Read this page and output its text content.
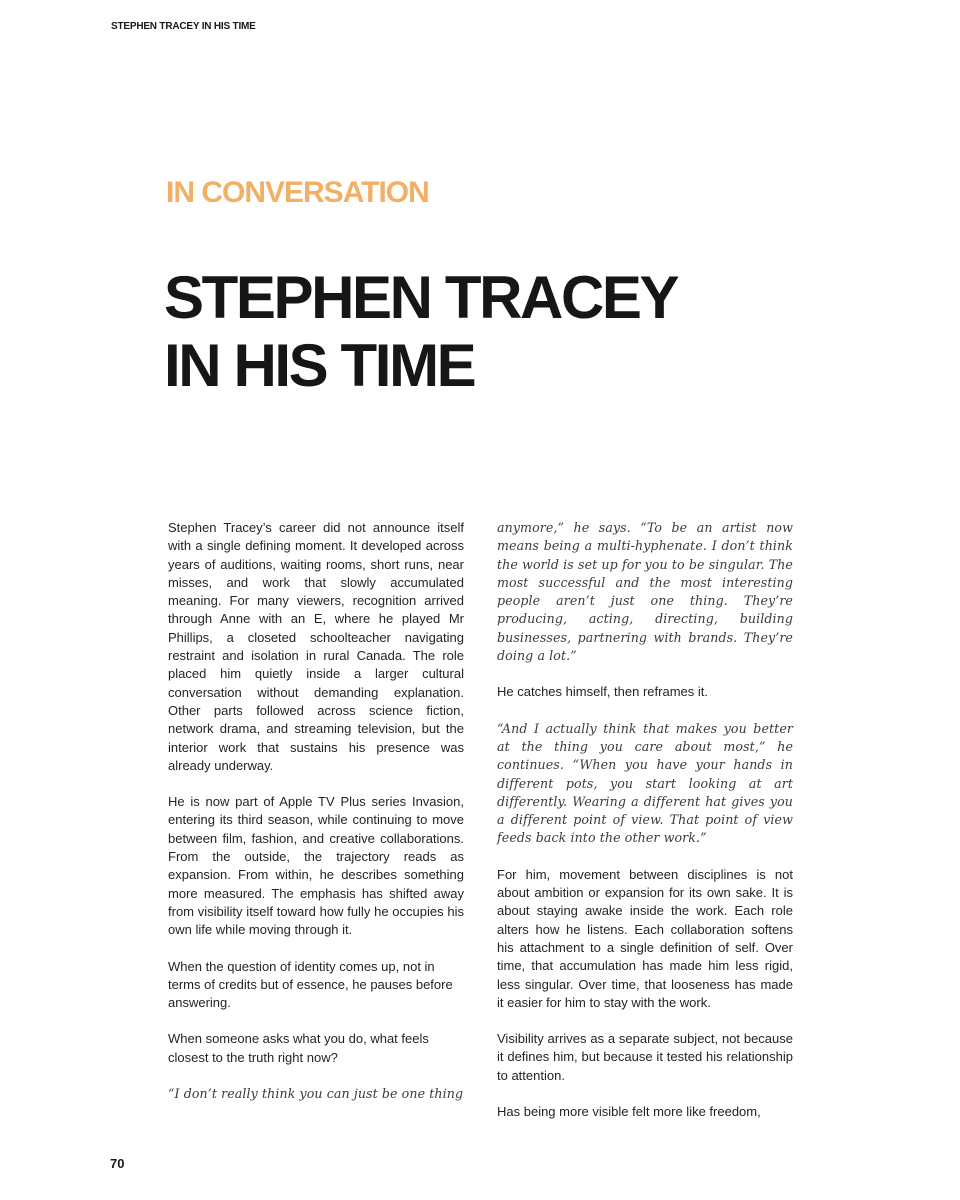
STEPHEN TRACEY IN HIS TIME
IN CONVERSATION
STEPHEN TRACEY
IN HIS TIME

Stephen Tracey’s career did not announce itself with a single defining moment. It developed across years of auditions, waiting rooms, short runs, near misses, and work that slowly accumulated meaning. For many viewers, recognition arrived through Anne with an E, where he played Mr Phillips, a closeted schoolteacher navigating restraint and isolation in rural Canada. The role placed him quietly inside a larger cultural conversation without demanding explanation. Other parts followed across science fiction, network drama, and streaming television, but the interior work that sustains his presence was already underway.

He is now part of Apple TV Plus series Invasion, entering its third season, while continuing to move between film, fashion, and creative collaborations. From the outside, the trajectory reads as expansion. From within, he describes something more measured. The emphasis has shifted away from visibility itself toward how fully he occupies his own life while moving through it.

When the question of identity comes up, not in terms of credits but of essence, he pauses before answering.

When someone asks what you do, what feels closest to the truth right now?

“I don’t really think you can just be one thing

anymore,” he says. “To be an artist now means being a multi-hyphenate. I don’t think the world is set up for you to be singular. The most successful and the most interesting people aren’t just one thing. They’re producing, acting, directing, building businesses, partnering with brands. They’re doing a lot.”

He catches himself, then reframes it.

“And I actually think that makes you better at the thing you care about most,” he continues. “When you have your hands in different pots, you start looking at art differently. Wearing a different hat gives you a different point of view. That point of view feeds back into the other work.”

For him, movement between disciplines is not about ambition or expansion for its own sake. It is about staying awake inside the work. Each role alters how he listens. Each collaboration softens his attachment to a single definition of self. Over time, that accumulation has made him less rigid, less singular. Over time, that looseness has made it easier for him to stay with the work.

Visibility arrives as a separate subject, not because it defines him, but because it tested his relationship to attention.

Has being more visible felt more like freedom,

70
